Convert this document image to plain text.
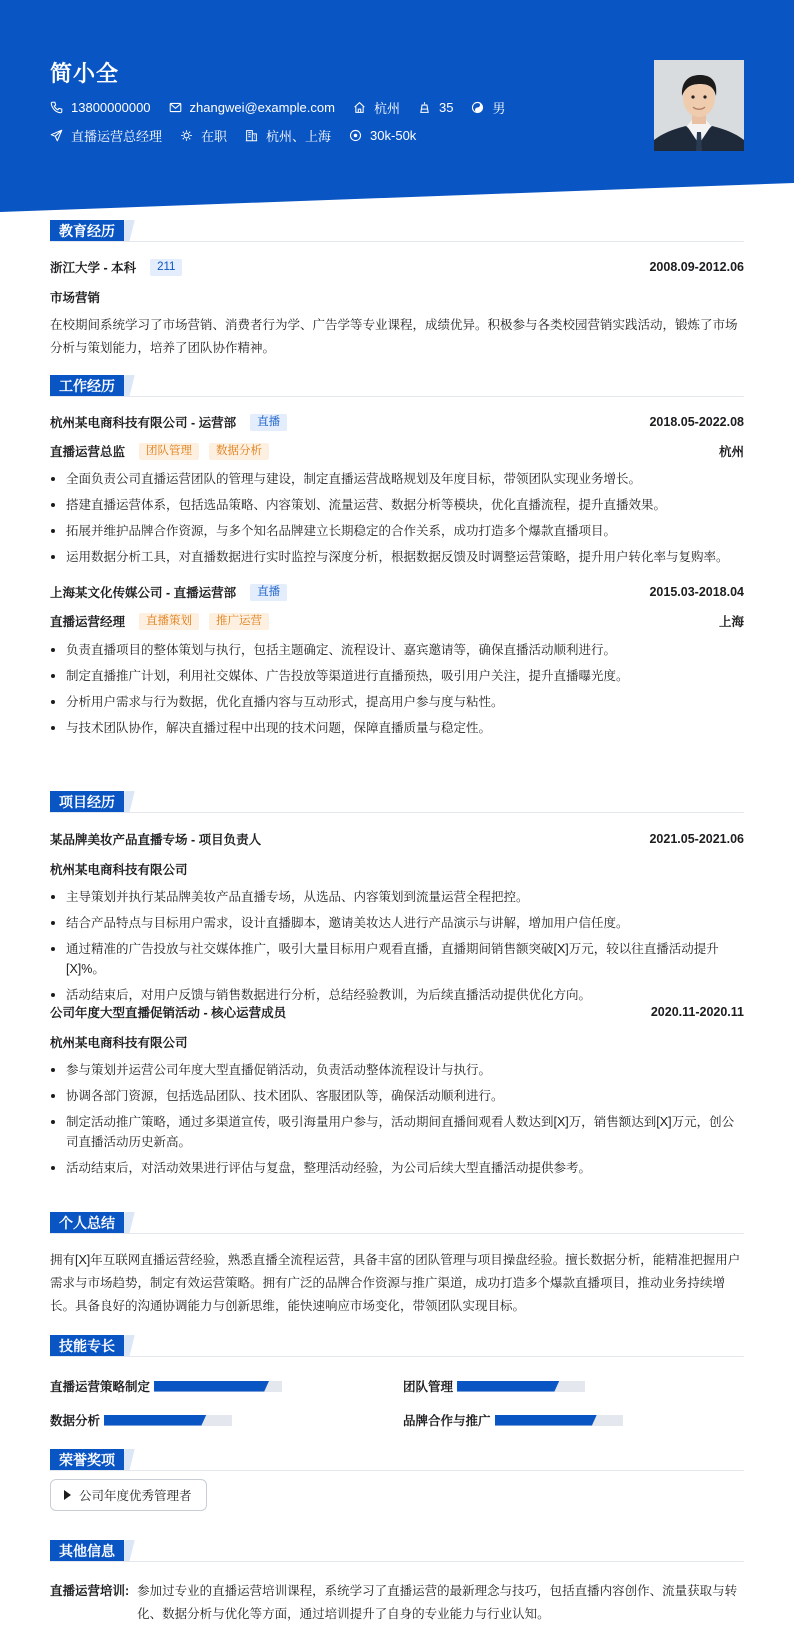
简小全
13800000000	zhangwei@example.com	杭州	35	男
直播运营总经理	在职	杭州、上海	30k-50k
教育经历
浙江大学 - 本科	211	2008.09-2012.06
市场营销
在校期间系统学习了市场营销、消费者行为学、广告学等专业课程，成绩优异。积极参与各类校园营销实践活动，锻炼了市场分析与策划能力，培养了团队协作精神。
工作经历
杭州某电商科技有限公司 - 运营部	直播	2018.05-2022.08
直播运营总监	团队管理	数据分析	杭州
全面负责公司直播运营团队的管理与建设，制定直播运营战略规划及年度目标，带领团队实现业务增长。
搭建直播运营体系，包括选品策略、内容策划、流量运营、数据分析等模块，优化直播流程，提升直播效果。
拓展并维护品牌合作资源，与多个知名品牌建立长期稳定的合作关系，成功打造多个爆款直播项目。
运用数据分析工具，对直播数据进行实时监控与深度分析，根据数据反馈及时调整运营策略，提升用户转化率与复购率。
上海某文化传媒公司 - 直播运营部	直播	2015.03-2018.04
直播运营经理	直播策划	推广运营	上海
负责直播项目的整体策划与执行，包括主题确定、流程设计、嘉宾邀请等，确保直播活动顺利进行。
制定直播推广计划，利用社交媒体、广告投放等渠道进行直播预热，吸引用户关注，提升直播曝光度。
分析用户需求与行为数据，优化直播内容与互动形式，提高用户参与度与粘性。
与技术团队协作，解决直播过程中出现的技术问题，保障直播质量与稳定性。
项目经历
某品牌美妆产品直播专场 - 项目负责人	2021.05-2021.06
杭州某电商科技有限公司
主导策划并执行某品牌美妆产品直播专场，从选品、内容策划到流量运营全程把控。
结合产品特点与目标用户需求，设计直播脚本，邀请美妆达人进行产品演示与讲解，增加用户信任度。
通过精准的广告投放与社交媒体推广，吸引大量目标用户观看直播，直播期间销售额突破[X]万元，较以往直播活动提升[X]%。
活动结束后，对用户反馈与销售数据进行分析，总结经验教训，为后续直播活动提供优化方向。
公司年度大型直播促销活动 - 核心运营成员	2020.11-2020.11
杭州某电商科技有限公司
参与策划并运营公司年度大型直播促销活动，负责活动整体流程设计与执行。
协调各部门资源，包括选品团队、技术团队、客服团队等，确保活动顺利进行。
制定活动推广策略，通过多渠道宣传，吸引海量用户参与，活动期间直播间观看人数达到[X]万，销售额达到[X]万元，创公司直播活动历史新高。
活动结束后，对活动效果进行评估与复盘，整理活动经验，为公司后续大型直播活动提供参考。
个人总结
拥有[X]年互联网直播运营经验，熟悉直播全流程运营，具备丰富的团队管理与项目操盘经验。擅长数据分析，能精准把握用户需求与市场趋势，制定有效运营策略。拥有广泛的品牌合作资源与推广渠道，成功打造多个爆款直播项目，推动业务持续增长。具备良好的沟通协调能力与创新思维，能快速响应市场变化，带领团队实现目标。
技能专长
直播运营策略制定	团队管理
数据分析	品牌合作与推广
荣誉奖项
公司年度优秀管理者
其他信息
直播运营培训: 参加过专业的直播运营培训课程，系统学习了直播运营的最新理念与技巧，包括直播内容创作、流量获取与转化、数据分析与优化等方面，通过培训提升了自身的专业能力与行业认知。
